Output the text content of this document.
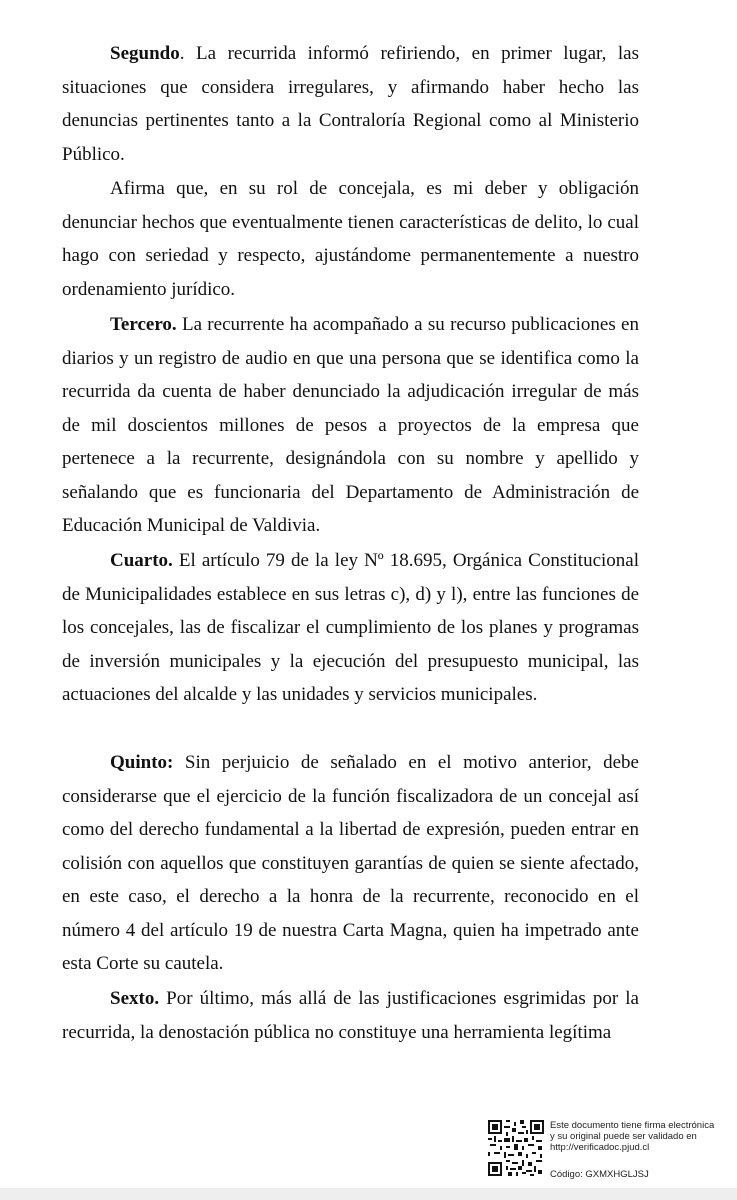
Segundo. La recurrida informó refiriendo, en primer lugar, las situaciones que considera irregulares, y afirmando haber hecho las denuncias pertinentes tanto a la Contraloría Regional como al Ministerio Público.

Afirma que, en su rol de concejala, es mi deber y obligación denunciar hechos que eventualmente tienen características de delito, lo cual hago con seriedad y respecto, ajustándome permanentemente a nuestro ordenamiento jurídico.

Tercero. La recurrente ha acompañado a su recurso publicaciones en diarios y un registro de audio en que una persona que se identifica como la recurrida da cuenta de haber denunciado la adjudicación irregular de más de mil doscientos millones de pesos a proyectos de la empresa que pertenece a la recurrente, designándola con su nombre y apellido y señalando que es funcionaria del Departamento de Administración de Educación Municipal de Valdivia.

Cuarto. El artículo 79 de la ley Nº 18.695, Orgánica Constitucional de Municipalidades establece en sus letras c), d) y l), entre las funciones de los concejales, las de fiscalizar el cumplimiento de los planes y programas de inversión municipales y la ejecución del presupuesto municipal, las actuaciones del alcalde y las unidades y servicios municipales.

Quinto: Sin perjuicio de señalado en el motivo anterior, debe considerarse que el ejercicio de la función fiscalizadora de un concejal así como del derecho fundamental a la libertad de expresión, pueden entrar en colisión con aquellos que constituyen garantías de quien se siente afectado, en este caso, el derecho a la honra de la recurrente, reconocido en el número 4 del artículo 19 de nuestra Carta Magna, quien ha impetrado ante esta Corte su cautela.

Sexto. Por último, más allá de las justificaciones esgrimidas por la recurrida, la denostación pública no constituye una herramienta legítima

Este documento tiene firma electrónica
y su original puede ser validado en
http://verificadoc.pjud.cl
Código: GXMXHGLJSJ
